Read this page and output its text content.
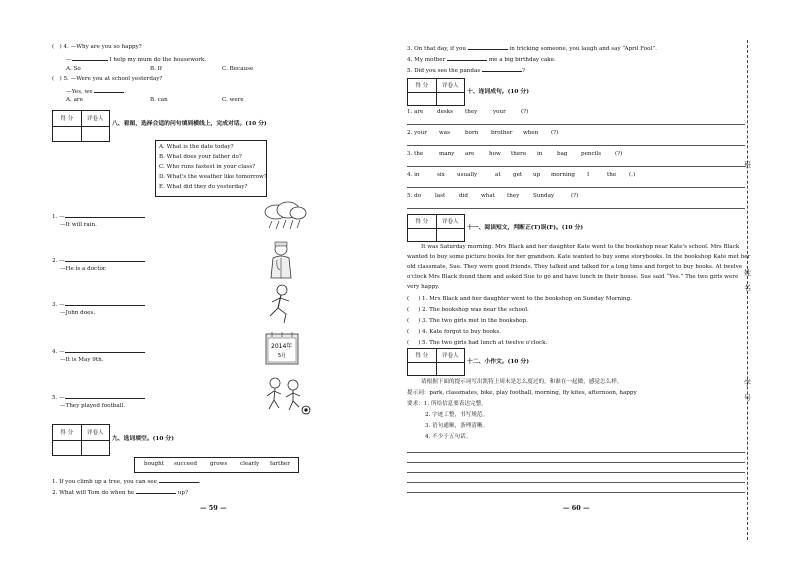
( ) 4. —Why are you so happy?
—	I help my mum do the housework.
A. So	B. If	C. Because
( ) 5. —Were you at school yesterday?
—Yes, we	.
A. are	B. can	C. were
得 分	评卷人
八、看图，选择合适的问句填到横线上，完成对话。(10 分)
A. What is the date today?
B. What does your father do?
C. Who runs fastest in your class?
D. What's the weather like tomorrow?
E. What did they do yesterday?
1. —
—It will rain.
2. —
—He is a doctor.
3. —
—John does.
4. —
—It is May 9th.
2014年
5月
5. —
—They played football.
得 分	评卷人
九、选词填空。(10 分)
bought succeed grows clearly farther
1. If you climb up a tree, you can see	.
2. What will Tom do when he	up?
— 59 —
3. On that day, if you	in tricking someone, you laugh and say “April Fool”.
4. My mother	me a big birthday cake.
5. Did you see the pandas	?
得 分	评卷人
十、连词成句。(10 分)
1. are desks they	your	(?)
2. your was	born brother when (?)
3. the	many are	how there in	bag pencils (?)
4. in	six usually	at get up morning I	the (.)
5. do last did what they Sunday	(?)
得 分	评卷人
十一、阅读短文，判断正(T)误(F)。(10 分)
It was Saturday morning. Mrs Black and her daughter Kate went to the bookshop near Kate's school. Mrs Black
wanted to buy some picture books for her grandson. Kate wanted to buy some storybooks. In the bookshop Kate met her
old classmate, Sue. They were good friends. They talked and talked for a long time and forgot to buy books. At twelve
o'clock Mrs Black found them and asked Sue to go and have lunch in their house. Sue said “Yes.” The two girls were
very happy.
( ) 1. Mrs Black and her daughter went to the bookshop on Sunday Morning.
( ) 2. The bookshop was near the school.
( ) 3. The two girls met in the bookshop.
( ) 4. Kate forgot to buy books.
( ) 5. The two girls had lunch at twelve o'clock.
得 分	评卷人
十二、小作文。(10 分)
请根据下面的提示词写出凯特上周末是怎么度过的，和谁在一起做，感觉怎么样。
提示词：park, classmates, bike, play football, morning, fly kites, afternoon, happy
要求：1. 所给信息要表达完整。
2. 字迹工整，书写规范。
3. 语句通顺，条理清晰。
4. 不少于五句话。
— 60 —
班
姓
名
学
号
